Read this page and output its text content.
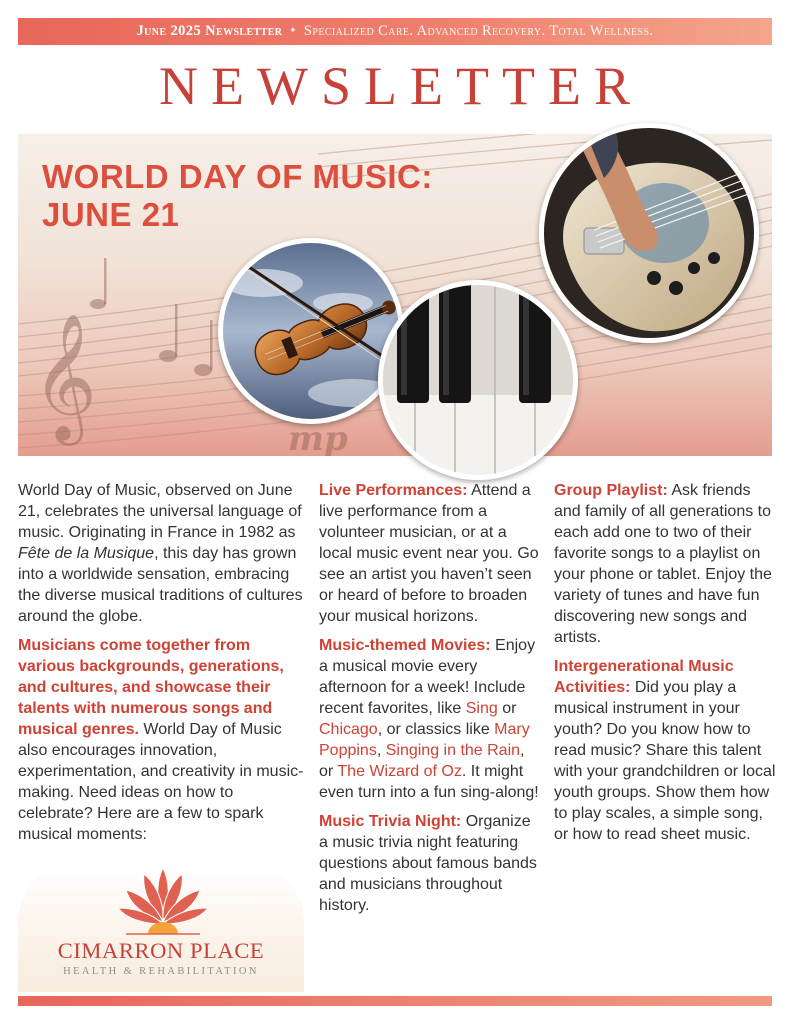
June 2025 Newsletter • Specialized Care. Advanced Recovery. Total Wellness.
NEWSLETTER
𝄞	mp
WORLD DAY OF MUSIC:
JUNE 21

World Day of Music, observed on June 21, celebrates the universal language of music. Originating in France in 1982 as Fête de la Musique, this day has grown into a worldwide sensation, embracing the diverse musical traditions of cultures around the globe.

Musicians come together from various backgrounds, generations, and cultures, and showcase their talents with numerous songs and musical genres. World Day of Music also encourages innovation, experimentation, and creativity in music-making. Need ideas on how to celebrate? Here are a few to spark musical moments:

Live Performances: Attend a live performance from a volunteer musician, or at a local music event near you. Go see an artist you haven’t seen or heard of before to broaden your musical horizons.

Music-themed Movies: Enjoy a musical movie every afternoon for a week! Include recent favorites, like Sing or Chicago, or classics like Mary Poppins, Singing in the Rain, or The Wizard of Oz. It might even turn into a fun sing-along!

Music Trivia Night: Organize a music trivia night featuring questions about famous bands and musicians throughout history.

Group Playlist: Ask friends and family of all generations to each add one to two of their favorite songs to a playlist on your phone or tablet. Enjoy the variety of tunes and have fun discovering new songs and artists.

Intergenerational Music Activities: Did you play a musical instrument in your youth? Do you know how to read music? Share this talent with your grandchildren or local youth groups. Show them how to play scales, a simple song, or how to read sheet music.

CIMARRON PLACE
HEALTH & REHABILITATION
